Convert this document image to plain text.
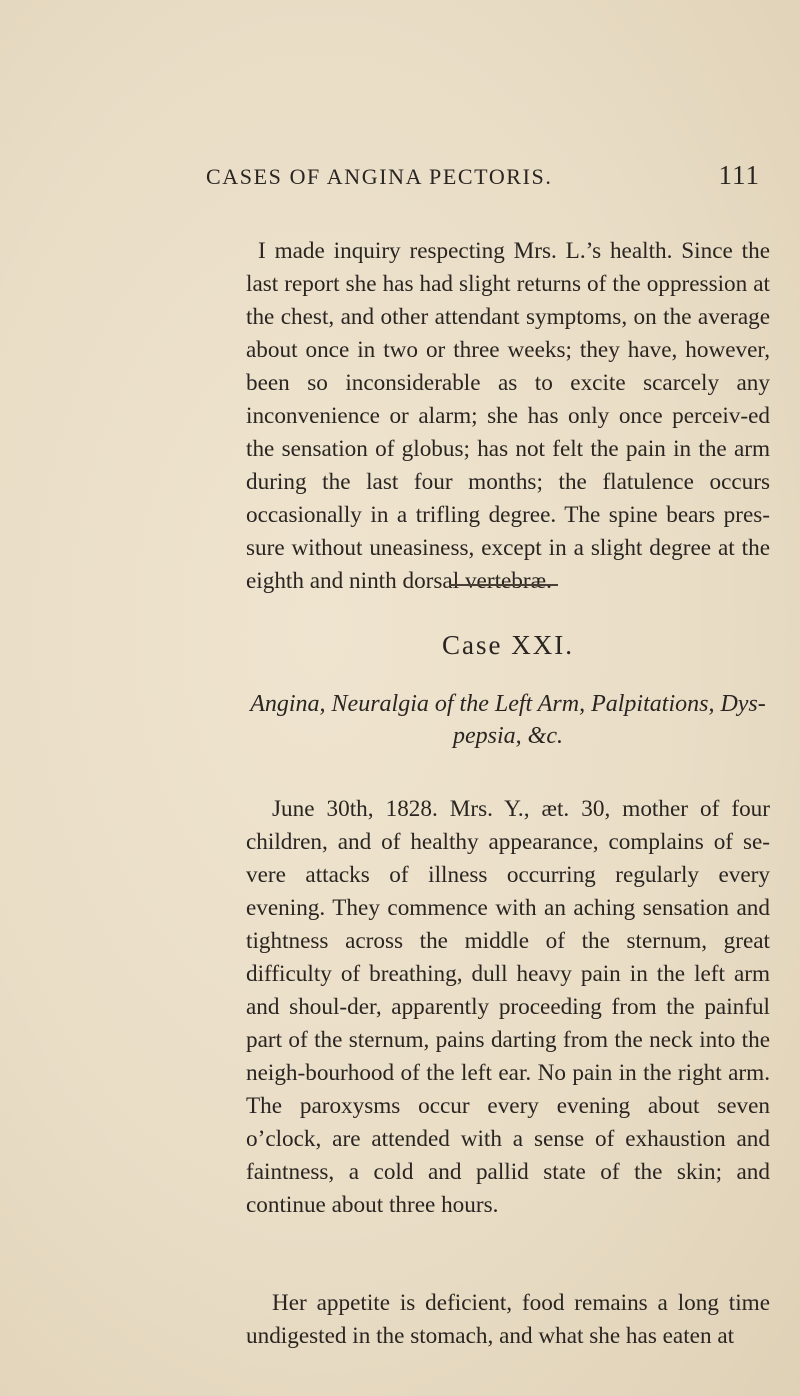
CASES OF ANGINA PECTORIS.	111

I made inquiry respecting Mrs. L.’s health. Since the last report she has had slight returns of the oppression at the chest, and other attendant symptoms, on the average about once in two or three weeks; they have, however, been so inconsiderable as to excite scarcely any inconvenience or alarm; she has only once perceiv-ed the sensation of globus; has not felt the pain in the arm during the last four months; the flatulence occurs occasionally in a trifling degree. The spine bears pres-sure without uneasiness, except in a slight degree at the eighth and ninth dorsal vertebræ.

Case XXI.
Angina, Neuralgia of the Left Arm, Palpitations, Dys-pepsia, &c.

June 30th, 1828. Mrs. Y., æt. 30, mother of four children, and of healthy appearance, complains of se-vere attacks of illness occurring regularly every evening. They commence with an aching sensation and tightness across the middle of the sternum, great difficulty of breathing, dull heavy pain in the left arm and shoul-der, apparently proceeding from the painful part of the sternum, pains darting from the neck into the neigh-bourhood of the left ear. No pain in the right arm. The paroxysms occur every evening about seven o’clock, are attended with a sense of exhaustion and faintness, a cold and pallid state of the skin; and continue about three hours.

Her appetite is deficient, food remains a long time undigested in the stomach, and what she has eaten at
